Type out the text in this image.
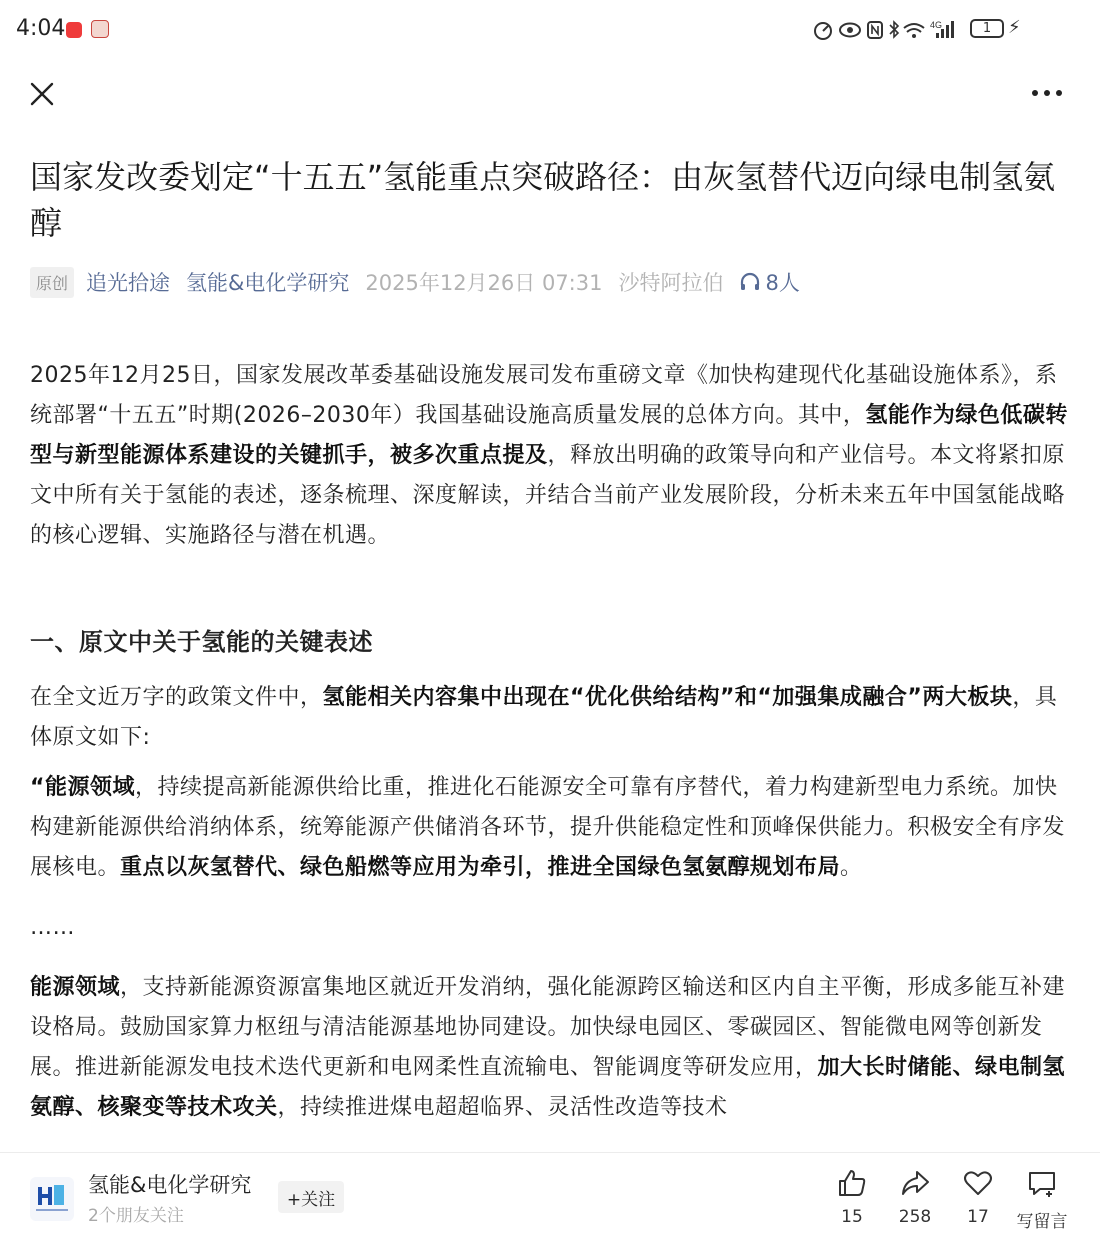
4:04	4G	1 ⚡
国家发改委划定“十五五”氢能重点突破路径：由灰氢替代迈向绿电制氢氨醇
原创 追光拾途 氢能&电化学研究 2025年12月26日 07:31 沙特阿拉伯 8人

2025年12月25日，国家发展改革委基础设施发展司发布重磅文章《加快构建现代化基础设施体系》，系统部署“十五五”时期(2026–2030年）我国基础设施高质量发展的总体方向。其中，氢能作为绿色低碳转型与新型能源体系建设的关键抓手，被多次重点提及，释放出明确的政策导向和产业信号。本文将紧扣原文中所有关于氢能的表述，逐条梳理、深度解读，并结合当前产业发展阶段，分析未来五年中国氢能战略的核心逻辑、实施路径与潜在机遇。

一、原文中关于氢能的关键表述

在全文近万字的政策文件中，氢能相关内容集中出现在“优化供给结构”和“加强集成融合”两大板块，具体原文如下:

“能源领域，持续提高新能源供给比重，推进化石能源安全可靠有序替代，着力构建新型电力系统。加快构建新能源供给消纳体系，统筹能源产供储消各环节，提升供能稳定性和顶峰保供能力。积极安全有序发展核电。重点以灰氢替代、绿色船燃等应用为牵引，推进全国绿色氢氨醇规划布局。

……

能源领域，支持新能源资源富集地区就近开发消纳，强化能源跨区输送和区内自主平衡，形成多能互补建设格局。鼓励国家算力枢纽与清洁能源基地协同建设。加快绿电园区、零碳园区、智能微电网等创新发展。推进新能源发电技术迭代更新和电网柔性直流输电、智能调度等研发应用，加大长时储能、绿电制氢氨醇、核聚变等技术攻关，持续推进煤电超超临界、灵活性改造等技术

氢能&电化学研究
2个朋友关注
+关注
15	258	17	写留言
